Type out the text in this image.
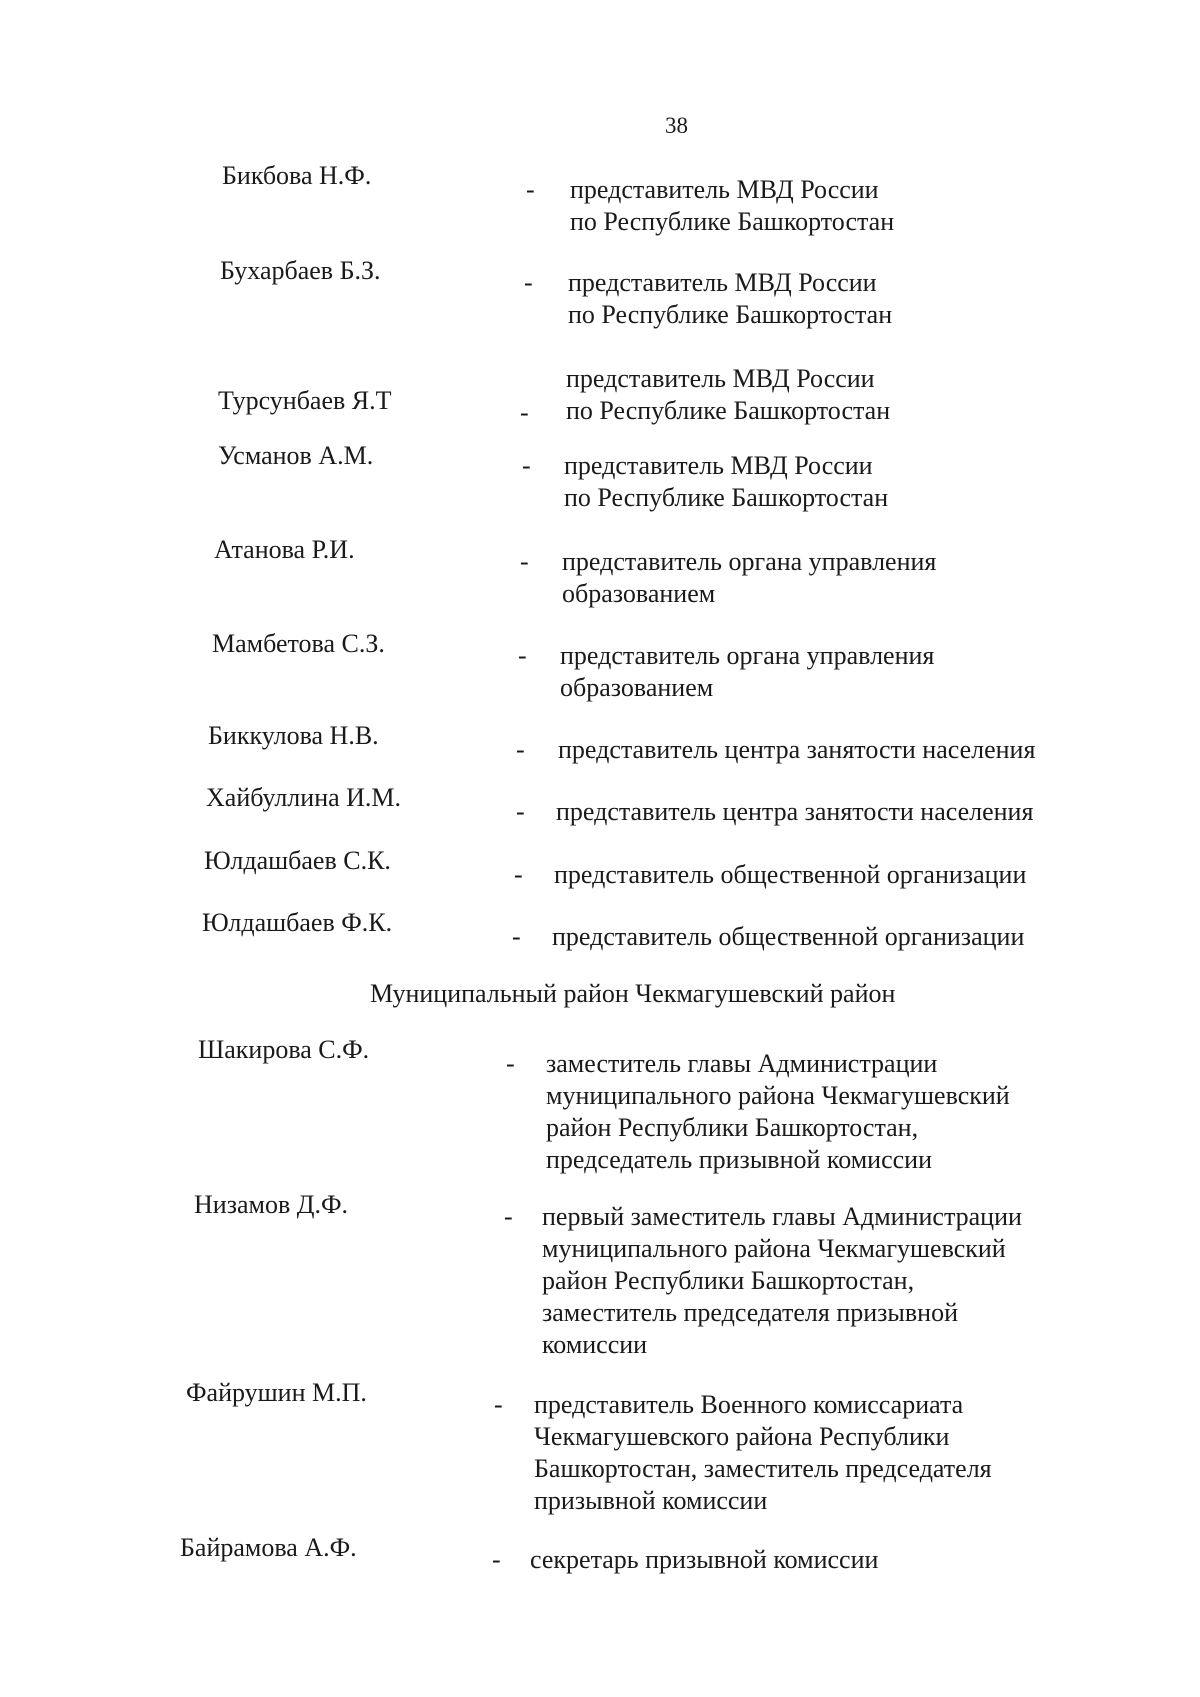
38
Бикбова Н.Ф.	- представитель МВД России
по Республике Башкортостан
Бухарбаев Б.З.	- представитель МВД России
по Республике Башкортостан
Турсунбаев Я.Т	-
представитель МВД России
по Республике Башкортостан
Усманов А.М.	- представитель МВД России
по Республике Башкортостан
Атанова Р.И.	- представитель органа управления
образованием
Мамбетова С.З.	- представитель органа управления
образованием
Биккулова Н.В.	- представитель центра занятости населения
Хайбуллина И.М.	- представитель центра занятости населения
Юлдашбаев С.К.	- представитель общественной организации
Юлдашбаев Ф.К.	- представитель общественной организации
Муниципальный район Чекмагушевский район
Шакирова С.Ф.	- заместитель главы Администрации
муниципального района Чекмагушевский
район Республики Башкортостан,
председатель призывной комиссии
Низамов Д.Ф.	- первый заместитель главы Администрации
муниципального района Чекмагушевский
район Республики Башкортостан,
заместитель председателя призывной
комиссии
Файрушин М.П.	- представитель Военного комиссариата
Чекмагушевского района Республики
Башкортостан, заместитель председателя
призывной комиссии
Байрамова А.Ф.	- секретарь призывной комиссии
